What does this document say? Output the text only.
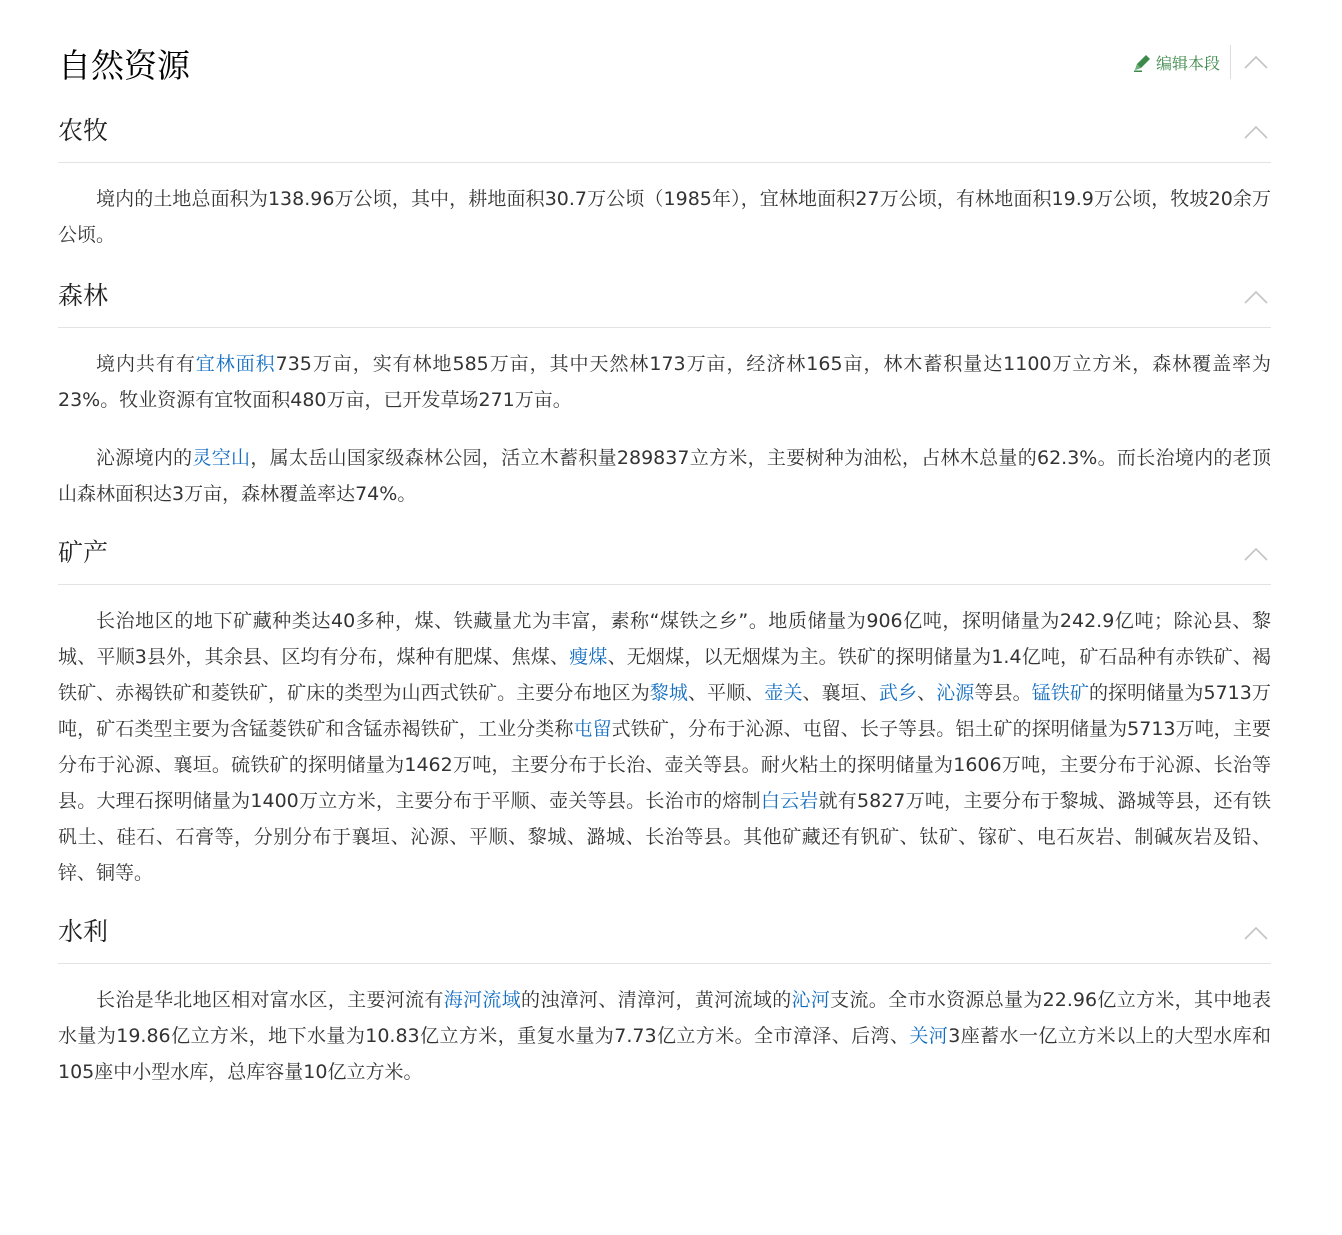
自然资源	编辑本段
农牧

境内的土地总面积为138.96万公顷，其中，耕地面积30.7万公顷（1985年），宜林地面积27万公顷，有林地面积19.9万公顷，牧坡20余万公顷。

森林

境内共有有宜林面积735万亩，实有林地585万亩，其中天然林173万亩，经济林165亩，林木蓄积量达1100万立方米，森林覆盖率为23%。牧业资源有宜牧面积480万亩，已开发草场271万亩。

沁源境内的灵空山，属太岳山国家级森林公园，活立木蓄积量289837立方米，主要树种为油松，占林木总量的62.3%。而长治境内的老顶山森林面积达3万亩，森林覆盖率达74%。

矿产

长治地区的地下矿藏种类达40多种，煤、铁藏量尤为丰富，素称“煤铁之乡”。地质储量为906亿吨，探明储量为242.9亿吨；除沁县、黎城、平顺3县外，其余县、区均有分布，煤种有肥煤、焦煤、瘦煤、无烟煤，以无烟煤为主。铁矿的探明储量为1.4亿吨，矿石品种有赤铁矿、褐铁矿、赤褐铁矿和菱铁矿，矿床的类型为山西式铁矿。主要分布地区为黎城、平顺、壶关、襄垣、武乡、沁源等县。锰铁矿的探明储量为5713万吨，矿石类型主要为含锰菱铁矿和含锰赤褐铁矿，工业分类称屯留式铁矿，分布于沁源、屯留、长子等县。铝土矿的探明储量为5713万吨，主要分布于沁源、襄垣。硫铁矿的探明储量为1462万吨，主要分布于长治、壶关等县。耐火粘土的探明储量为1606万吨，主要分布于沁源、长治等县。大理石探明储量为1400万立方米，主要分布于平顺、壶关等县。长治市的熔制白云岩就有5827万吨，主要分布于黎城、潞城等县，还有铁矾土、硅石、石膏等，分别分布于襄垣、沁源、平顺、黎城、潞城、长治等县。其他矿藏还有钒矿、钛矿、镓矿、电石灰岩、制碱灰岩及铅、锌、铜等。

水利

长治是华北地区相对富水区，主要河流有海河流域的浊漳河、清漳河，黄河流域的沁河支流。全市水资源总量为22.96亿立方米，其中地表水量为19.86亿立方米，地下水量为10.83亿立方米，重复水量为7.73亿立方米。全市漳泽、后湾、关河3座蓄水一亿立方米以上的大型水库和105座中小型水库，总库容量10亿立方米。
